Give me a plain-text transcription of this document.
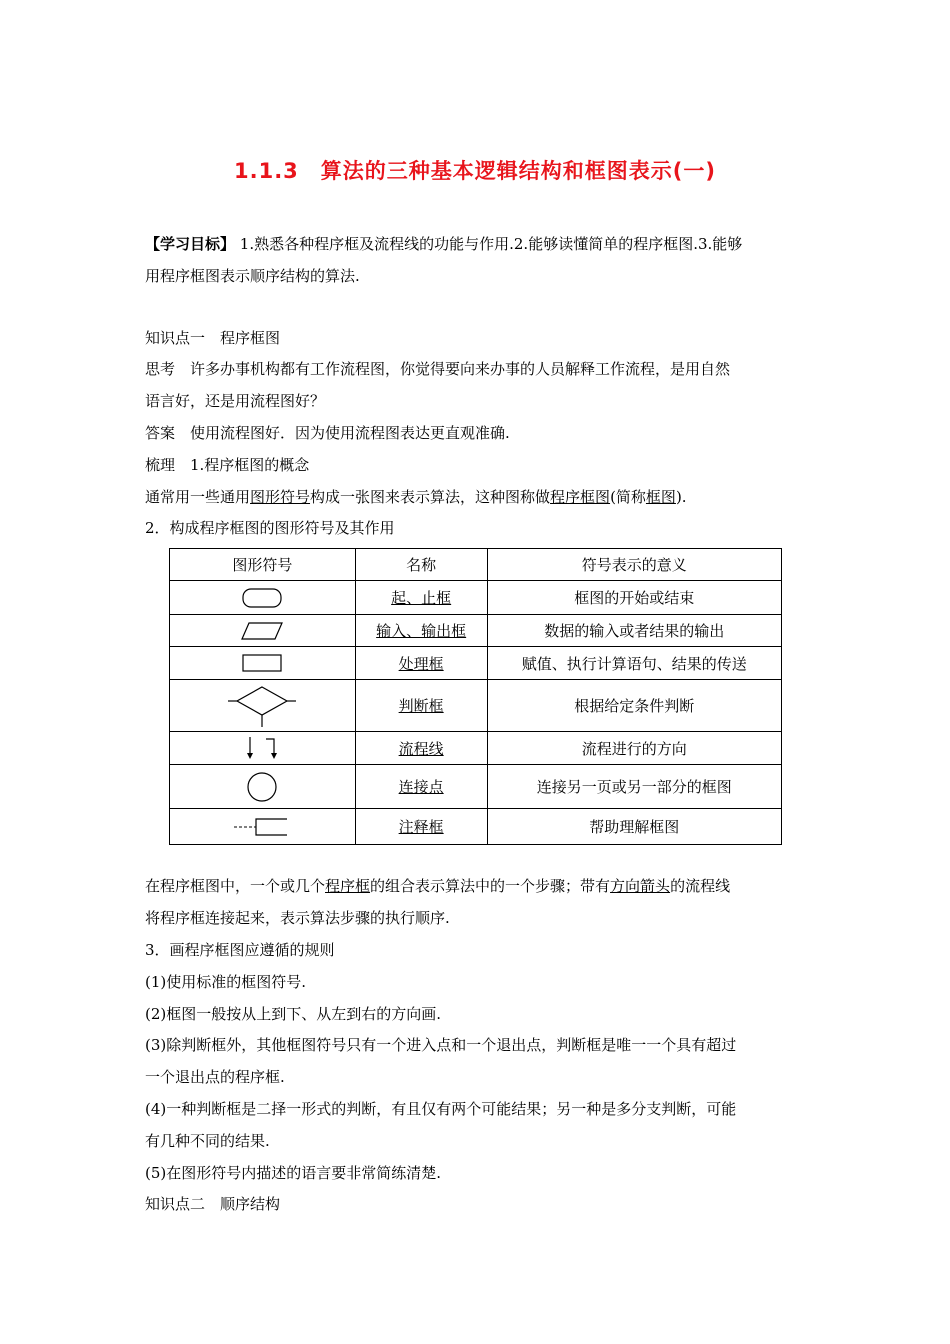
1.1.3　算法的三种基本逻辑结构和框图表示(一)
【学习目标】 1.熟悉各种程序框及流程线的功能与作用.2.能够读懂简单的程序框图.3.能够
用程序框图表示顺序结构的算法.
知识点一　程序框图
思考　许多办事机构都有工作流程图，你觉得要向来办事的人员解释工作流程，是用自然
语言好，还是用流程图好？
答案　使用流程图好．因为使用流程图表达更直观准确.
梳理　1.程序框图的概念
通常用一些通用图形符号构成一张图来表示算法，这种图称做程序框图(简称框图).
2．构成程序框图的图形符号及其作用
图形符号	名称	符号表示的意义

	起、止框	框图的开始或结束

	输入、输出框	数据的输入或者结果的输出

	处理框	赋值、执行计算语句、结果的传送

	判断框	根据给定条件判断

	流程线	流程进行的方向

	连接点	连接另一页或另一部分的框图

	注释框	帮助理解框图
在程序框图中，一个或几个程序框的组合表示算法中的一个步骤；带有方向箭头的流程线
将程序框连接起来，表示算法步骤的执行顺序.
3．画程序框图应遵循的规则
(1)使用标准的框图符号.
(2)框图一般按从上到下、从左到右的方向画.
(3)除判断框外，其他框图符号只有一个进入点和一个退出点，判断框是唯一一个具有超过
一个退出点的程序框.
(4)一种判断框是二择一形式的判断，有且仅有两个可能结果；另一种是多分支判断，可能
有几种不同的结果.
(5)在图形符号内描述的语言要非常简练清楚.
知识点二　顺序结构
